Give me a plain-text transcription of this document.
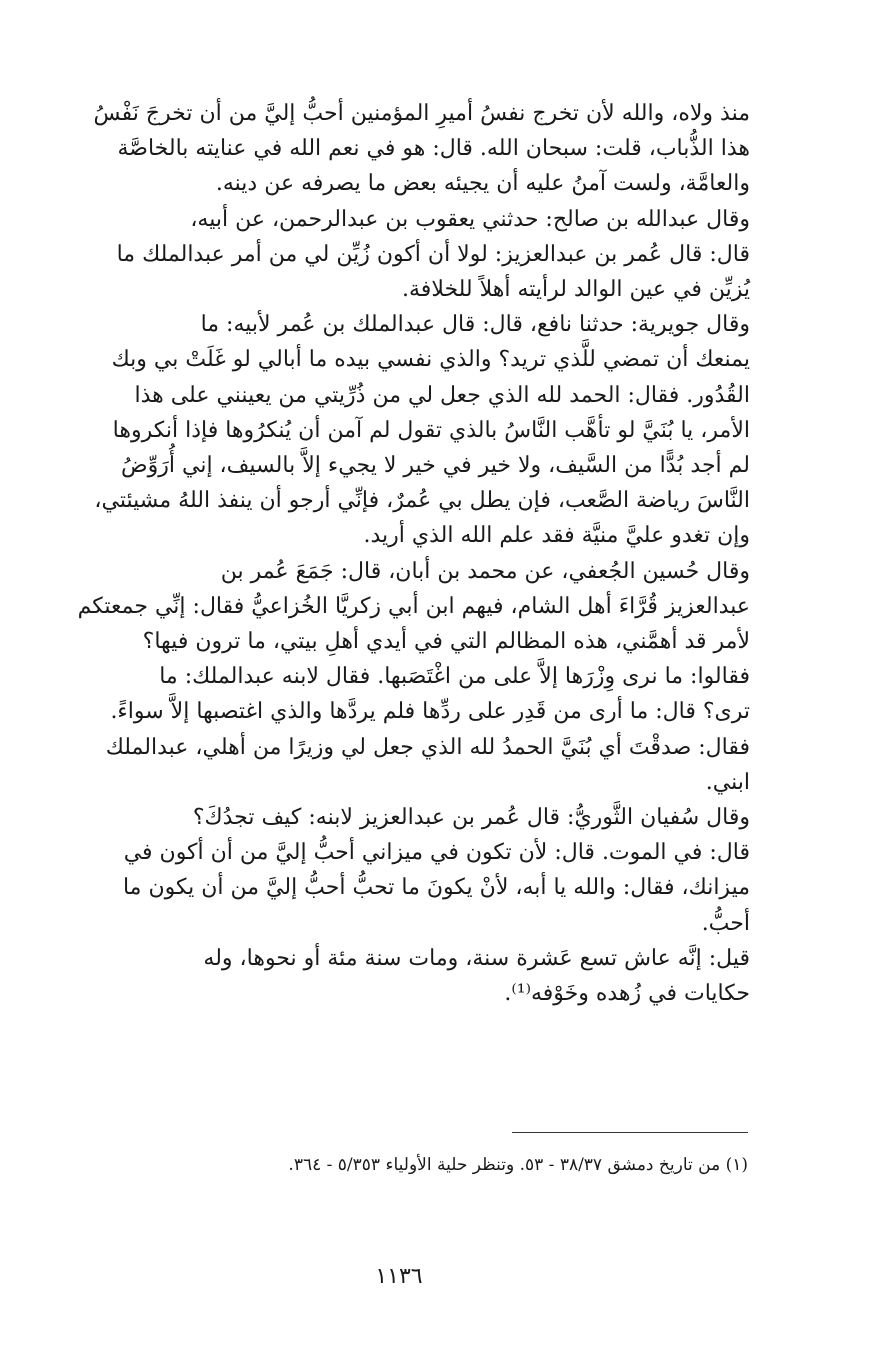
منذ ولاه، والله لأن تخرج نفسُ أميرِ المؤمنين أحبُّ إليَّ من أن تخرجَ نَفْسُ
هذا الذُّباب، قلت: سبحان الله. قال: هو في نعم الله في عنايته بالخاصَّة
والعامَّة، ولست آمنُ عليه أن يجيئه بعض ما يصرفه عن دينه.

وقال عبدالله بن صالح: حدثني يعقوب بن عبدالرحمن، عن أبيه،
قال: قال عُمر بن عبدالعزيز: لولا أن أكون زُيِّن لي من أمر عبدالملك ما
يُزيِّن في عين الوالد لرأيته أهلاً للخلافة.

وقال جويرية: حدثنا نافع، قال: قال عبدالملك بن عُمر لأبيه: ما
يمنعك أن تمضي للَّذي تريد؟ والذي نفسي بيده ما أبالي لو غَلَتْ بي وبك
القُدُور. فقال: الحمد لله الذي جعل لي من ذُرِّيتي من يعينني على هذا
الأمر، يا بُنَيَّ لو تأهَّب النَّاسُ بالذي تقول لم آمن أن يُنكرُوها فإذا أنكروها
لم أجد بُدًّا من السَّيف، ولا خير في خير لا يجيء إلاَّ بالسيف، إني أُرَوِّضُ
النَّاسَ رياضة الصَّعب، فإن يطل بي عُمرٌ، فإنِّي أرجو أن ينفذ اللهُ مشيئتي،
وإن تغدو عليَّ منيَّة فقد علم الله الذي أريد.

وقال حُسين الجُعفي، عن محمد بن أبان، قال: جَمَعَ عُمر بن
عبدالعزيز قُرَّاءَ أهل الشام، فيهم ابن أبي زكريَّا الخُزاعيُّ فقال: إنِّي جمعتكم
لأمر قد أهمَّني، هذه المظالم التي في أيدي أهلِ بيتي، ما ترون فيها؟
فقالوا: ما نرى وِزْرَها إلاَّ على من اغْتَصَبها. فقال لابنه عبدالملك: ما
ترى؟ قال: ما أرى من قَدِر على ردِّها فلم يردَّها والذي اغتصبها إلاَّ سواءً.
فقال: صدقْتَ أي بُنَيَّ الحمدُ لله الذي جعل لي وزيرًا من أهلي، عبدالملك
ابني.

وقال سُفيان الثَّوريُّ: قال عُمر بن عبدالعزيز لابنه: كيف تجدُكَ؟
قال: في الموت. قال: لأن تكون في ميزاني أحبُّ إليَّ من أن أكون في
ميزانك، فقال: والله يا أبه، لأنْ يكونَ ما تحبُّ أحبُّ إليَّ من أن يكون ما
أحبُّ.

قيل: إنَّه عاش تسع عَشرة سنة، ومات سنة مئة أو نحوها، وله
حكايات في زُهده وخَوْفه⁽¹⁾.

(١) من تاريخ دمشق ٣٨/٣٧ - ٥٣. وتنظر حلية الأولياء ٥/٣٥٣ - ٣٦٤.
١١٣٦
